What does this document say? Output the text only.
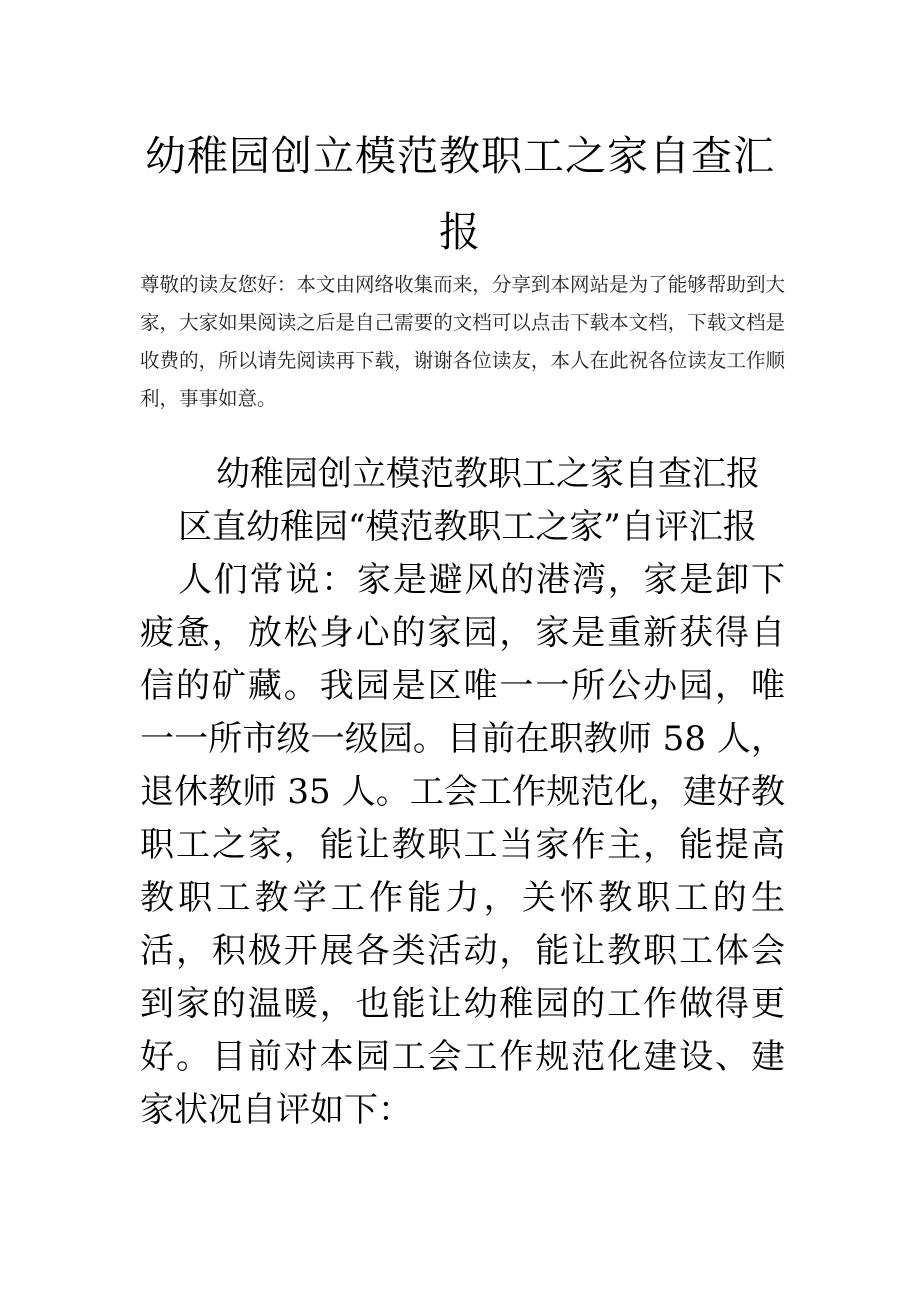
幼稚园创立模范教职工之家自查汇报

尊敬的读友您好：本文由网络收集而来，分享到本网站是为了能够帮助到大家，大家如果阅读之后是自己需要的文档可以点击下载本文档，下载文档是收费的，所以请先阅读再下载，谢谢各位读友，本人在此祝各位读友工作顺利，事事如意。

幼稚园创立模范教职工之家自查汇报

区直幼稚园“模范教职工之家”自评汇报

人们常说：家是避风的港湾，家是卸下疲惫，放松身心的家园，家是重新获得自信的矿藏。我园是区唯一一所公办园，唯一一所市级一级园。目前在职教师 58 人，退休教师 35 人。工会工作规范化，建好教职工之家，能让教职工当家作主，能提高教职工教学工作能力，关怀教职工的生活，积极开展各类活动，能让教职工体会到家的温暖，也能让幼稚园的工作做得更好。目前对本园工会工作规范化建设、建家状况自评如下：
